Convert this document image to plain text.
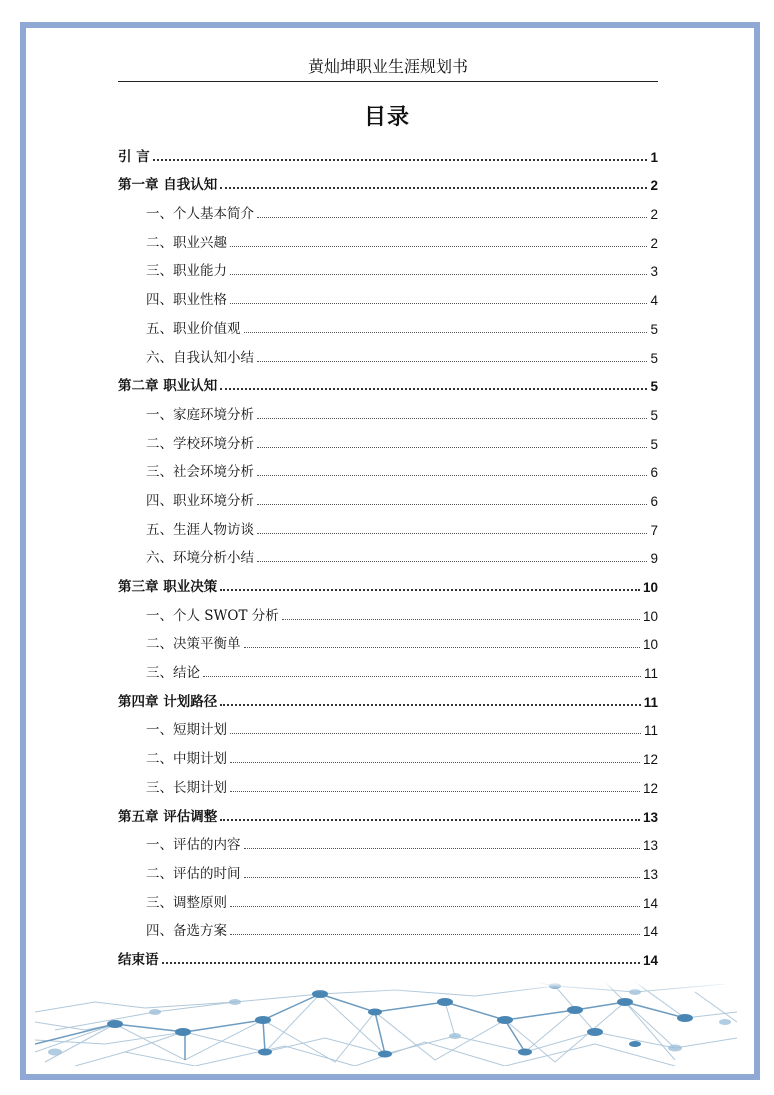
黄灿坤职业生涯规划书
目录
引 言	1
第一章 自我认知	2
一、个人基本简介	2
二、职业兴趣	2
三、职业能力	3
四、职业性格	4
五、职业价值观	5
六、自我认知小结	5
第二章 职业认知	5
一、家庭环境分析	5
二、学校环境分析	5
三、社会环境分析	6
四、职业环境分析	6
五、生涯人物访谈	7
六、环境分析小结	9
第三章 职业决策	10
一、个人 SWOT 分析	10
二、决策平衡单	10
三、结论	11
第四章 计划路径	11
一、短期计划	11
二、中期计划	12
三、长期计划	12
第五章 评估调整	13
一、评估的内容	13
二、评估的时间	13
三、调整原则	14
四、备选方案	14
结束语	14
